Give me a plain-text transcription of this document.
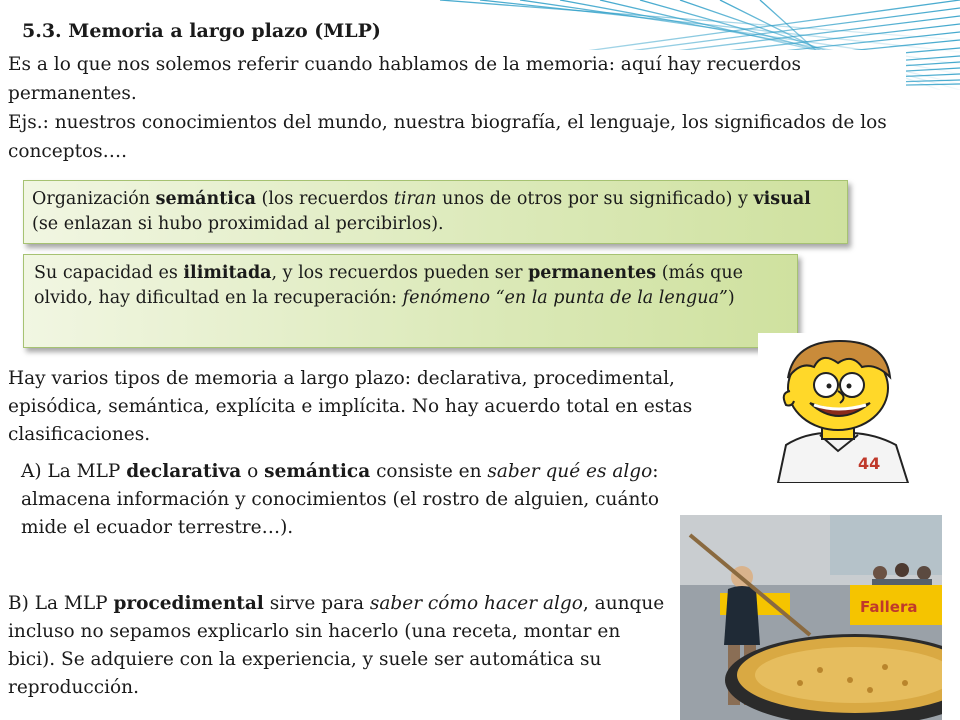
5.3. Memoria a largo plazo (MLP)

Es a lo que nos solemos referir cuando hablamos de la memoria: aquí hay recuerdos permanentes.

Ejs.: nuestros conocimientos del mundo, nuestra biografía, el lenguaje, los significados de los conceptos….

Organización semántica (los recuerdos tiran unos de otros por su significado) y visual (se enlazan si hubo proximidad al percibirlos).

Su capacidad es ilimitada, y los recuerdos pueden ser permanentes (más que olvido, hay dificultad en la recuperación: fenómeno “en la punta de la lengua”)

Hay varios tipos de memoria a largo plazo: declarativa, procedimental, episódica, semántica, explícita e implícita. No hay acuerdo total en estas clasificaciones.

A) La MLP declarativa o semántica consiste en saber qué es algo: almacena información y conocimientos (el rostro de alguien, cuánto mide el ecuador terrestre…).

B) La MLP procedimental sirve para saber cómo hacer algo, aunque incluso no sepamos explicarlo sin hacerlo (una receta, montar en bici). Se adquiere con la experiencia, y suele ser automática su reproducción.

44
Fallera
